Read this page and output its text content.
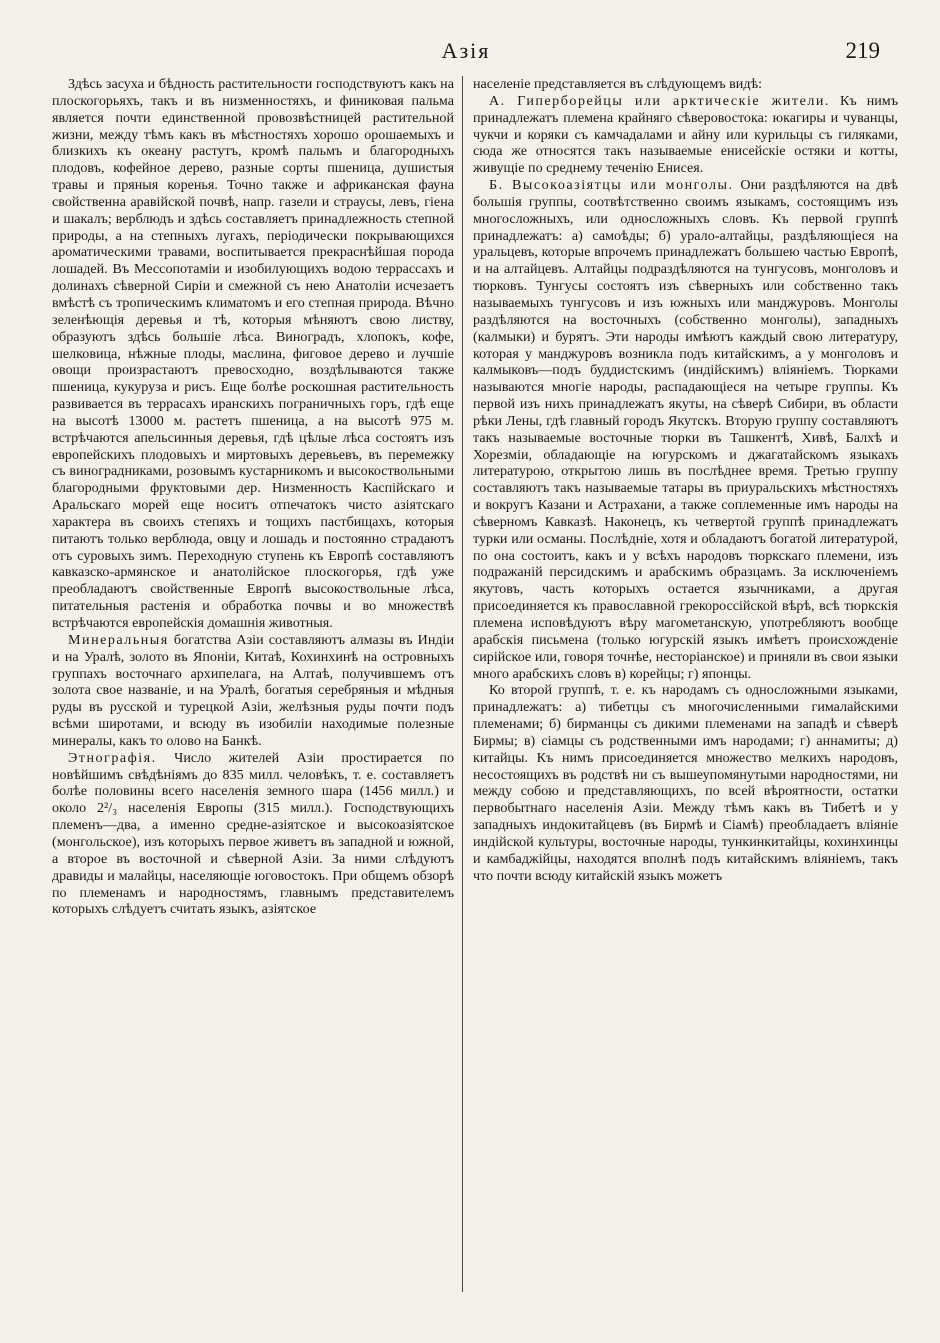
Азія	219

Здѣсь засуха и бѣдность растительности господствуютъ какъ на плоскогорьяхъ, такъ и въ низменностяхъ, и финиковая пальма является почти единственной провозвѣстницей растительной жизни, между тѣмъ какъ въ мѣстностяхъ хорошо орошаемыхъ и близкихъ къ океану растутъ, кромѣ пальмъ и благородныхъ плодовъ, кофейное дерево, разные сорты пшеница, душистыя травы и пряныя коренья. Точно также и африканская фауна свойственна аравійской почвѣ, напр. газели и страусы, левъ, гіена и шакалъ; верблюдъ и здѣсь составляетъ принадлежность степной природы, а на степныхъ лугахъ, періодически покрывающихся ароматическими травами, воспитывается прекраснѣйшая порода лошадей. Въ Мессопотаміи и изобилующихъ водою террассахъ и долинахъ сѣверной Сиріи и смежной съ нею Анатоліи исчезаетъ вмѣстѣ съ тропическимъ климатомъ и его степная природа. Вѣчно зеленѣющія деревья и тѣ, которыя мѣняютъ свою листву, образуютъ здѣсь большіе лѣса. Виноградъ, хлопокъ, кофе, шелковица, нѣжные плоды, маслина, фиговое дерево и лучшіе овощи произрастаютъ превосходно, воздѣлываются также пшеница, кукуруза и рисъ. Еще болѣе роскошная растительность развивается въ террасахъ иранскихъ пограничныхъ горъ, гдѣ еще на высотѣ 13000 м. растетъ пшеница, а на высотѣ 975 м. встрѣчаются апельсинныя деревья, гдѣ цѣлые лѣса состоятъ изъ европейскихъ плодовыхъ и миртовыхъ деревьевъ, въ перемежку съ виноградниками, розовымъ кустарникомъ и высокоствольными благородными фруктовыми дер. Низменность Каспійскаго и Аральскаго морей еще носитъ отпечатокъ чисто азіятскаго характера въ своихъ степяхъ и тощихъ пастбищахъ, которыя питаютъ только верблюда, овцу и лошадь и постоянно страдаютъ отъ суровыхъ зимъ. Переходную ступень къ Европѣ составляютъ кавказско-армянское и анатолійское плоскогорья, гдѣ уже преобладаютъ свойственные Европѣ высокоствольные лѣса, питательныя растенія и обработка почвы и во множествѣ встрѣчаются европейскія домашнія животныя.

Минеральныя богатства Азіи составляютъ алмазы въ Индіи и на Уралѣ, золото въ Японіи, Китаѣ, Кохинхинѣ на островныхъ группахъ восточнаго архипелага, на Алтаѣ, получившемъ отъ золота свое названіе, и на Уралѣ, богатыя серебряныя и мѣдныя руды въ русской и турецкой Азіи, желѣзныя руды почти подъ всѣми широтами, и всюду въ изобиліи находимые полезные минералы, какъ то олово на Банкѣ.

Этнографія. Число жителей Азіи простирается по новѣйшимъ свѣдѣніямъ до 835 милл. человѣкъ, т. е. составляетъ болѣе половины всего населенія земного шара (1456 милл.) и около 2²/₃ населенія Европы (315 милл.). Господствующихъ племенъ—два, а именно средне-азіятское и высокоазіятское (монгольское), изъ которыхъ первое живетъ въ западной и южной, а второе въ восточной и сѣверной Азіи. За ними слѣдуютъ дравиды и малайцы, населяющіе юговостокъ. При общемъ обзорѣ по племенамъ и народностямъ, главнымъ представителемъ которыхъ слѣдуетъ считать языкъ, азіятское

населеніе представляется въ слѣдующемъ видѣ:

А. Гиперборейцы или арктическіе жители. Къ нимъ принадлежатъ племена крайняго сѣверовостока: юкагиры и чуванцы, чукчи и коряки съ камчадалами и айну или курильцы съ гиляками, сюда же относятся такъ называемые енисейскіе остяки и котты, живущіе по среднему теченію Енисея.

Б. Высокоазіятцы или монголы. Они раздѣляются на двѣ большія группы, соотвѣтственно своимъ языкамъ, состоящимъ изъ многосложныхъ, или односложныхъ словъ. Къ первой группѣ принадлежатъ: а) самоѣды; б) урало-алтайцы, раздѣляющіеся на уральцевъ, которые впрочемъ принадлежатъ большею частью Европѣ, и на алтайцевъ. Алтайцы подраздѣляются на тунгусовъ, монголовъ и тюрковъ. Тунгусы состоятъ изъ сѣверныхъ или собственно такъ называемыхъ тунгусовъ и изъ южныхъ или манджуровъ. Монголы раздѣляются на восточныхъ (собственно монголы), западныхъ (калмыки) и бурятъ. Эти народы имѣютъ каждый свою литературу, которая у манджуровъ возникла подъ китайскимъ, а у монголовъ и калмыковъ—подъ буддистскимъ (индійскимъ) вліяніемъ. Тюрками называются многіе народы, распадающіеся на четыре группы. Къ первой изъ нихъ принадлежатъ якуты, на сѣверѣ Сибири, въ области рѣки Лены, гдѣ главный городъ Якутскъ. Вторую группу составляютъ такъ называемые восточные тюрки въ Ташкентѣ, Хивѣ, Балхѣ и Хорезміи, обладающіе на югурскомъ и джагатайскомъ языкахъ литературою, открытою лишь въ послѣднее время. Третью группу составляютъ такъ называемые татары въ приуральскихъ мѣстностяхъ и вокругъ Казани и Астрахани, а также соплеменные имъ народы на сѣверномъ Кавказѣ. Наконецъ, къ четвертой группѣ принадлежатъ турки или османы. Послѣдніе, хотя и обладаютъ богатой литературой, по она состоитъ, какъ и у всѣхъ народовъ тюркскаго племени, изъ подражаній персидскимъ и арабскимъ образцамъ. За исключеніемъ якутовъ, часть которыхъ остается язычниками, а другая присоединяется къ православной грекороссійской вѣрѣ, всѣ тюркскія племена исповѣдуютъ вѣру магометанскую, употребляютъ вообще арабскія письмена (только югурскій языкъ имѣетъ происхожденіе сирійское или, говоря точнѣе, несторіанское) и приняли въ свои языки много арабскихъ словъ в) корейцы; г) японцы.

Ко второй группѣ, т. е. къ народамъ съ односложными языками, принадлежатъ: а) тибетцы съ многочисленными гималайскими племенами; б) бирманцы съ дикими племенами на западѣ и сѣверѣ Бирмы; в) сіамцы съ родственными имъ народами; г) аннамиты; д) китайцы. Къ нимъ присоединяется множество мелкихъ народовъ, несостоящихъ въ родствѣ ни съ вышеупомянутыми народностями, ни между собою и представляющихъ, по всей вѣроятности, остатки первобытнаго населенія Азіи. Между тѣмъ какъ въ Тибетѣ и у западныхъ индокитайцевъ (въ Бирмѣ и Сіамѣ) преобладаетъ вліяніе индійской культуры, восточные народы, тункинкитайцы, кохинхинцы и камбаджійцы, находятся вполнѣ подъ китайскимъ вліяніемъ, такъ что почти всюду китайскій языкъ можетъ
